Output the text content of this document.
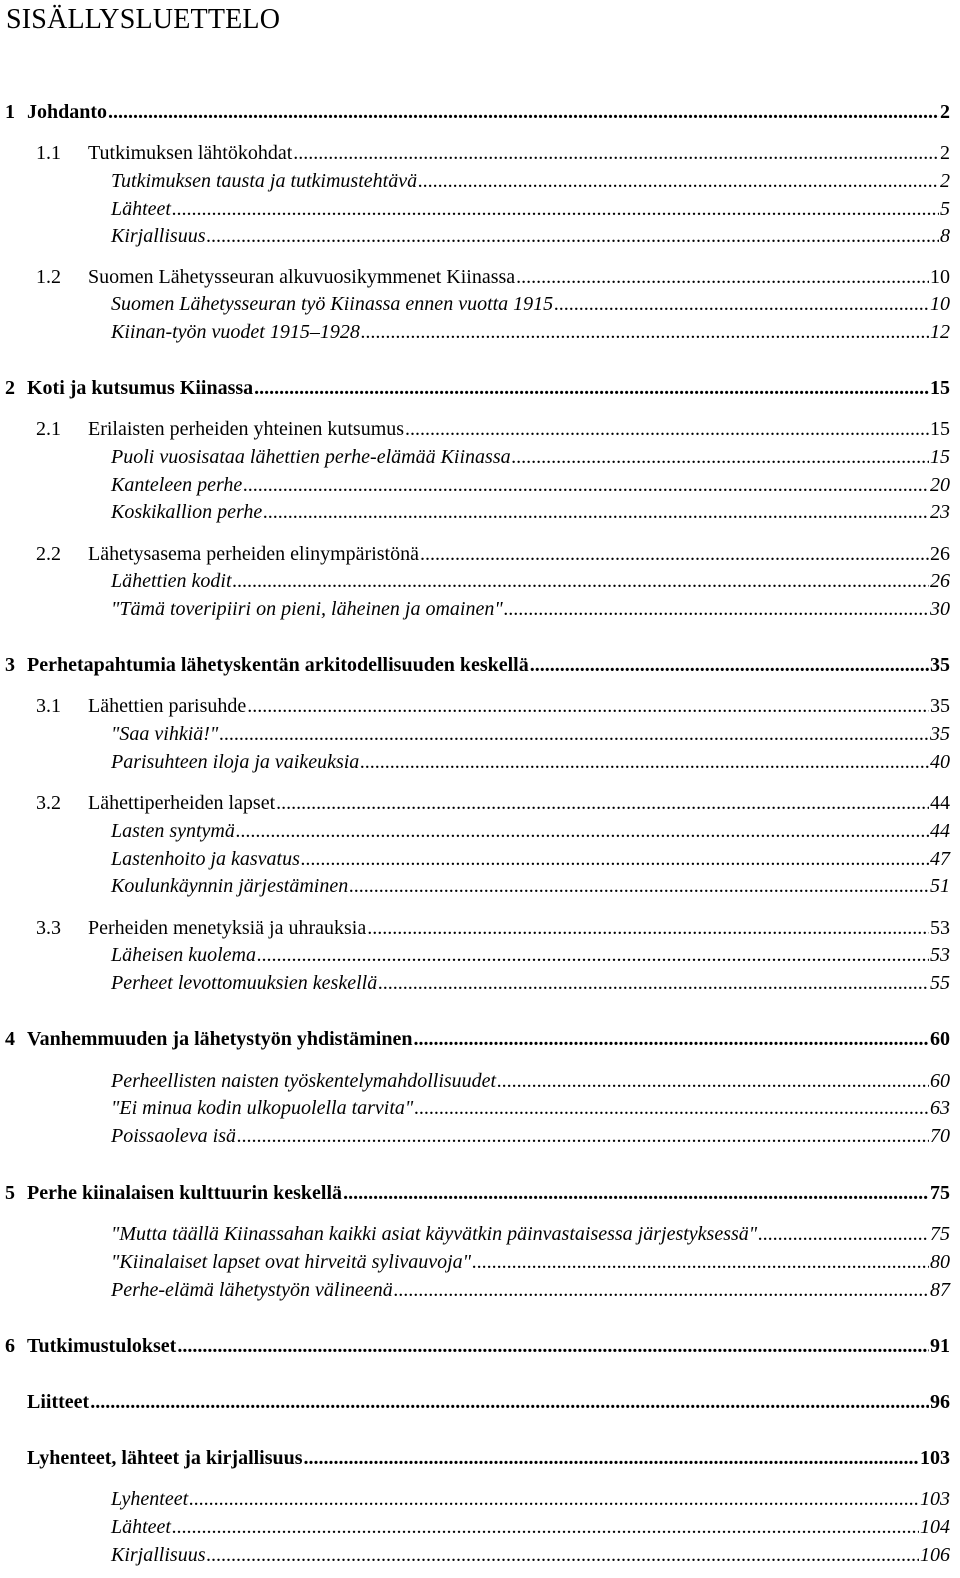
SISÄLLYSLUETTELO
1 Johdanto .....	2
1.1	Tutkimuksen lähtökohdat .....	2
Tutkimuksen tausta ja tutkimustehtävä .....	2
Lähteet .....	5
Kirjallisuus .....	8
1.2	Suomen Lähetysseuran alkuvuosikymmenet Kiinassa .....	10
Suomen Lähetysseuran työ Kiinassa ennen vuotta 1915 .....	10
Kiinan-työn vuodet 1915–1928 .....	12
2 Koti ja kutsumus Kiinassa .....	15
2.1	Erilaisten perheiden yhteinen kutsumus .....	15
Puoli vuosisataa lähettien perhe-elämää Kiinassa .....	15
Kanteleen perhe .....	20
Koskikallion perhe .....	23
2.2	Lähetysasema perheiden elinympäristönä .....	26
Lähettien kodit .....	26
"Tämä toveripiiri on pieni, läheinen ja omainen" .....	30
3 Perhetapahtumia lähetyskentän arkitodellisuuden keskellä .....	35
3.1	Lähettien parisuhde .....	35
"Saa vihkiä!" .....	35
Parisuhteen iloja ja vaikeuksia .....	40
3.2	Lähettiperheiden lapset .....	44
Lasten syntymä .....	44
Lastenhoito ja kasvatus .....	47
Koulunkäynnin järjestäminen .....	51
3.3	Perheiden menetyksiä ja uhrauksia .....	53
Läheisen kuolema .....	53
Perheet levottomuuksien keskellä .....	55
4 Vanhemmuuden ja lähetystyön yhdistäminen .....	60
Perheellisten naisten työskentelymahdollisuudet .....	60
"Ei minua kodin ulkopuolella tarvita" .....	63
Poissaoleva isä .....	70
5 Perhe kiinalaisen kulttuurin keskellä .....	75
"Mutta täällä Kiinassahan kaikki asiat käyvätkin päinvastaisessa järjestyksessä" .....	75
"Kiinalaiset lapset ovat hirveitä sylivauvoja" .....	80
Perhe-elämä lähetystyön välineenä .....	87
6 Tutkimustulokset .....	91
Liitteet .....	96
Lyhenteet, lähteet ja kirjallisuus .....	103
Lyhenteet .....	103
Lähteet .....	104
Kirjallisuus .....	106
